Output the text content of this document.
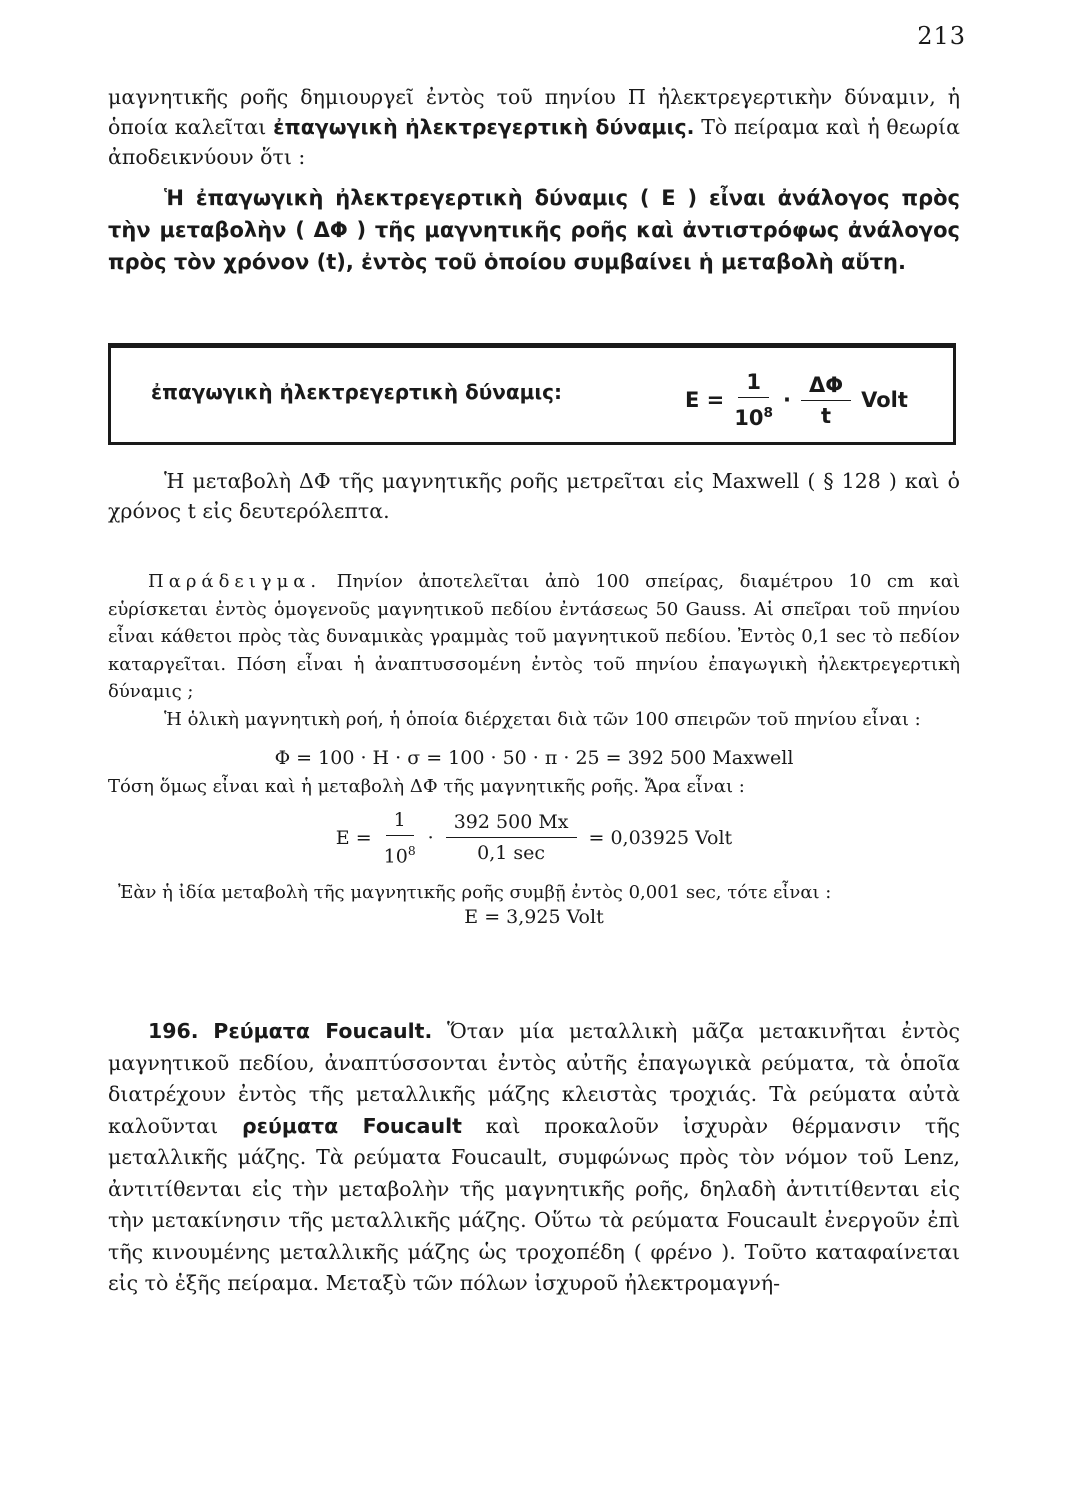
213

μαγνητικῆς ροῆς δημιουργεῖ ἐντὸς τοῦ πηνίου Π ἠλεκτρεγερτικὴν δύναμιν, ἡ ὁποία καλεῖται ἐπαγωγικὴ ἠλεκτρεγερτικὴ δύναμις. Τὸ πείραμα καὶ ἡ θεωρία ἀποδεικνύουν ὅτι :

Ἡ ἐπαγωγικὴ ἠλεκτρεγερτικὴ δύναμις ( Ε ) εἶναι ἀνάλογος πρὸς τὴν μεταβολὴν ( ΔΦ ) τῆς μαγνητικῆς ροῆς καὶ ἀντιστρόφως ἀνάλογος πρὸς τὸν χρόνον (t), ἐντὸς τοῦ ὁποίου συμβαίνει ἡ μεταβολὴ αὕτη.

ἐπαγωγικὴ ἠλεκτρεγερτικὴ δύναμις:	$E = \frac{1}{10^8} \cdot \frac{\Delta\Phi}{t}$ Volt

Ἡ μεταβολὴ ΔΦ τῆς μαγνητικῆς ροῆς μετρεῖται εἰς Maxwell ( § 128 ) καὶ ὁ χρόνος t εἰς δευτερόλεπτα.

Παράδειγμα. Πηνίον ἀποτελεῖται ἀπὸ 100 σπείρας, διαμέτρου 10 cm καὶ εὑρίσκεται ἐντὸς ὁμογενοῦς μαγνητικοῦ πεδίου ἐντάσεως 50 Gauss. Αἱ σπεῖραι τοῦ πηνίου εἶναι κάθετοι πρὸς τὰς δυναμικὰς γραμμὰς τοῦ μαγνητικοῦ πεδίου. Ἐντὸς 0,1 sec τὸ πεδίον καταργεῖται. Πόση εἶναι ἡ ἀναπτυσσομένη ἐντὸς τοῦ πηνίου ἐπαγωγικὴ ἠλεκτρεγερτικὴ δύναμις ;

Ἡ ὁλικὴ μαγνητικὴ ροή, ἡ ὁποία διέρχεται διὰ τῶν 100 σπειρῶν τοῦ πηνίου εἶναι :

Φ = 100 · Η · σ = 100 · 50 · π · 25 = 392 500 Maxwell

Τόση ὅμως εἶναι καὶ ἡ μεταβολὴ ΔΦ τῆς μαγνητικῆς ροῆς. Ἄρα εἶναι :

$E = \frac{1}{10^8} \cdot \frac{392 500 Mx}{0,1 \sec} = 0,03925$ Volt

Ἐὰν ἡ ἰδία μεταβολὴ τῆς μαγνητικῆς ροῆς συμβῇ ἐντὸς 0,001 sec, τότε εἶναι :

Ε = 3,925 Volt

196. Ρεύματα Foucault. Ὅταν μία μεταλλικὴ μᾶζα μετακινῆται ἐντὸς μαγνητικοῦ πεδίου, ἀναπτύσσονται ἐντὸς αὐτῆς ἐπαγωγικὰ ρεύματα, τὰ ὁποῖα διατρέχουν ἐντὸς τῆς μεταλλικῆς μάζης κλειστὰς τροχιάς. Τὰ ρεύματα αὐτὰ καλοῦνται ρεύματα Foucault καὶ προκαλοῦν ἰσχυρὰν θέρμανσιν τῆς μεταλλικῆς μάζης. Τὰ ρεύματα Foucault, συμφώνως πρὸς τὸν νόμον τοῦ Lenz, ἀντιτίθενται εἰς τὴν μεταβολὴν τῆς μαγνητικῆς ροῆς, δηλαδὴ ἀντιτίθενται εἰς τὴν μετακίνησιν τῆς μεταλλικῆς μάζης. Οὕτω τὰ ρεύματα Foucault ἐνεργοῦν ἐπὶ τῆς κινουμένης μεταλλικῆς μάζης ὡς τροχοπέδη ( φρένο ). Τοῦτο καταφαίνεται εἰς τὸ ἑξῆς πείραμα. Μεταξὺ τῶν πόλων ἰσχυροῦ ἠλεκτρομαγνή-
